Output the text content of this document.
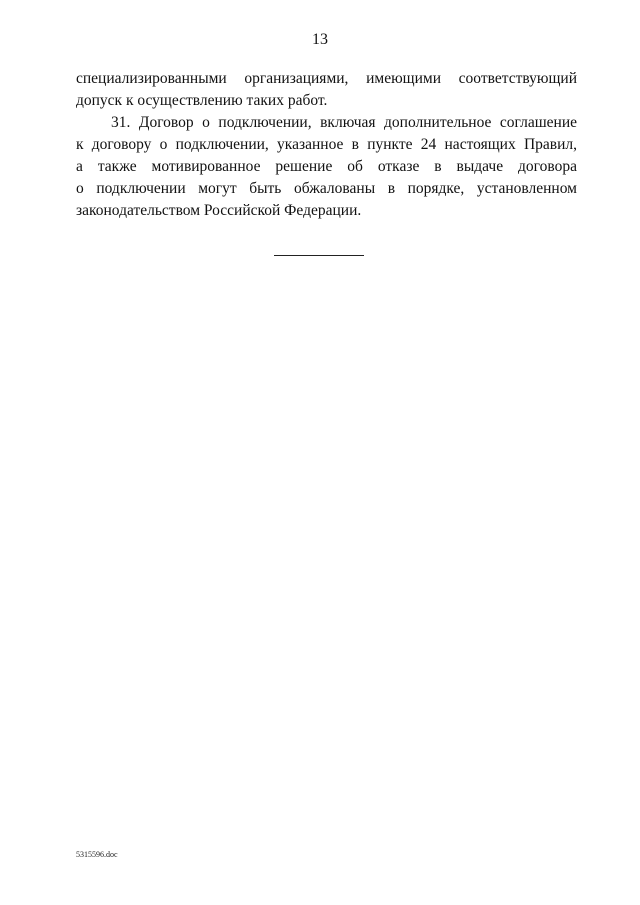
13

специализированными организациями, имеющими соответствующий
допуск к осуществлению таких работ.

31. Договор о подключении, включая дополнительное соглашение
к договору о подключении, указанное в пункте 24 настоящих Правил,
а также мотивированное решение об отказе в выдаче договора
о подключении могут быть обжалованы в порядке, установленном
законодательством Российской Федерации.

5315596.doc
